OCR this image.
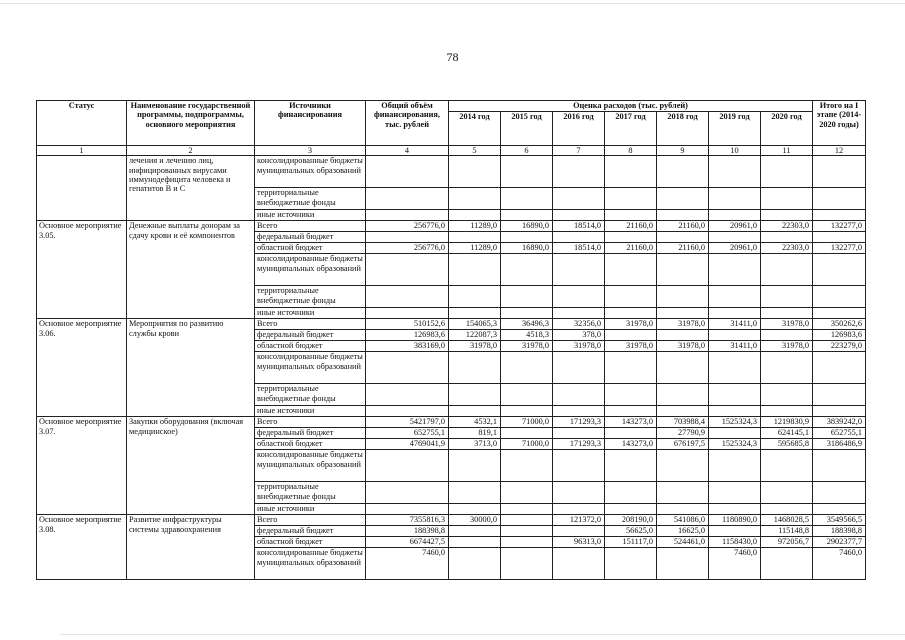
78
Статус	Наименование государственной программы, подпрограммы, основного мероприятия	Источники финансирования	Общий объём финансирования, тыс. рублей	Оценка расходов (тыс. рублей)							Итого на I этапе (2014-2020 годы)
				2014 год	2015 год	2016 год	2017 год	2018 год	2019 год	2020 год	
1	2	3	4	5	6	7	8	9	10	11	12
	лечения и лечению лиц, инфицированных вирусами иммунодефицита человека и гепатитов B и C	консолидированные бюджеты муниципальных образований									
		территориальные внебюджетные фонды									
		иные источники									
Основное мероприятие 3.05.	Денежные выплаты донорам за сдачу крови и её компонентов	Всего	256776,0	11289,0	16890,0	18514,0	21160,0	21160,0	20961,0	22303,0	132277,0
		федеральный бюджет									
		областной бюджет	256776,0	11289,0	16890,0	18514,0	21160,0	21160,0	20961,0	22303,0	132277,0
		консолидированные бюджеты муниципальных образований									
		территориальные внебюджетные фонды									
		иные источники									
Основное мероприятие 3.06.	Мероприятия по развитию службы крови	Всего	510152,6	154065,3	36496,3	32356,0	31978,0	31978,0	31411,0	31978,0	350262,6
		федеральный бюджет	126983,6	122087,3	4518,3	378,0					126983,6
		областной бюджет	383169,0	31978,0	31978,0	31978,0	31978,0	31978,0	31411,0	31978,0	223279,0
		консолидированные бюджеты муниципальных образований									
		территориальные внебюджетные фонды									
		иные источники									
Основное мероприятие 3.07.	Закупки оборудования (включая медицинское)	Всего	5421797,0	4532,1	71000,0	171293,3	143273,0	703988,4	1525324,3	1219830,9	3839242,0
		федеральный бюджет	652755,1	819,1				27790,9		624145,1	652755,1
		областной бюджет	4769041,9	3713,0	71000,0	171293,3	143273,0	676197,5	1525324,3	595685,8	3186486,9
		консолидированные бюджеты муниципальных образований									
		территориальные внебюджетные фонды									
		иные источники									
Основное мероприятие 3.08.	Развитие инфраструктуры системы здравоохранения	Всего	7355816,3	30000,0		121372,0	208190,0	541086,0	1180890,0	1468028,5	3549566,5
		федеральный бюджет	188398,8				56625,0	16625,0		115148,8	188398,8
		областной бюджет	6674427,5			96313,0	151117,0	524461,0	1158430,0	972056,7	2902377,7
		консолидированные бюджеты муниципальных образований	7460,0						7460,0		7460,0
